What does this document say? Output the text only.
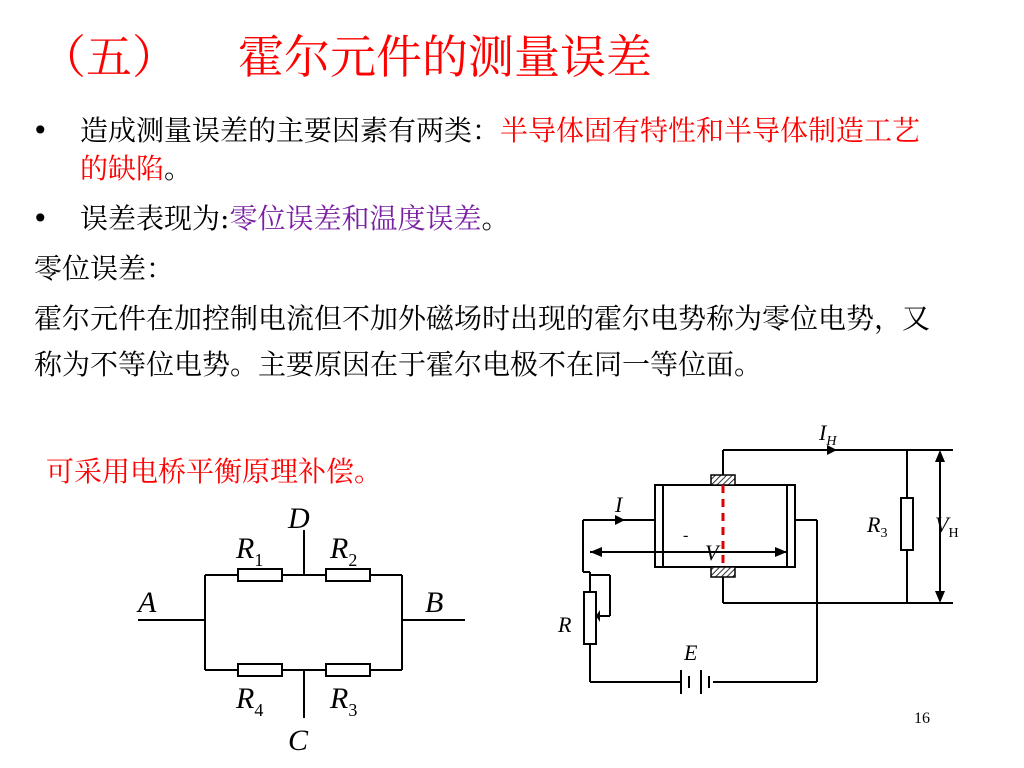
（五） 霍尔元件的测量误差
• 造成测量误差的主要因素有两类：半导体固有特性和半导体制造工艺的缺陷。
• 误差表现为:零位误差和温度误差。
零位误差：
霍尔元件在加控制电流但不加外磁场时出现的霍尔电势称为零位电势，又称为不等位电势。主要原因在于霍尔电极不在同一等位面。
可采用电桥平衡原理补偿。
A	B
D
C
$R_1$ $R_2$
$R_4$ $R_3$
$I_H$
I
V
-	$R_3$ $V_H$
R
E
16
